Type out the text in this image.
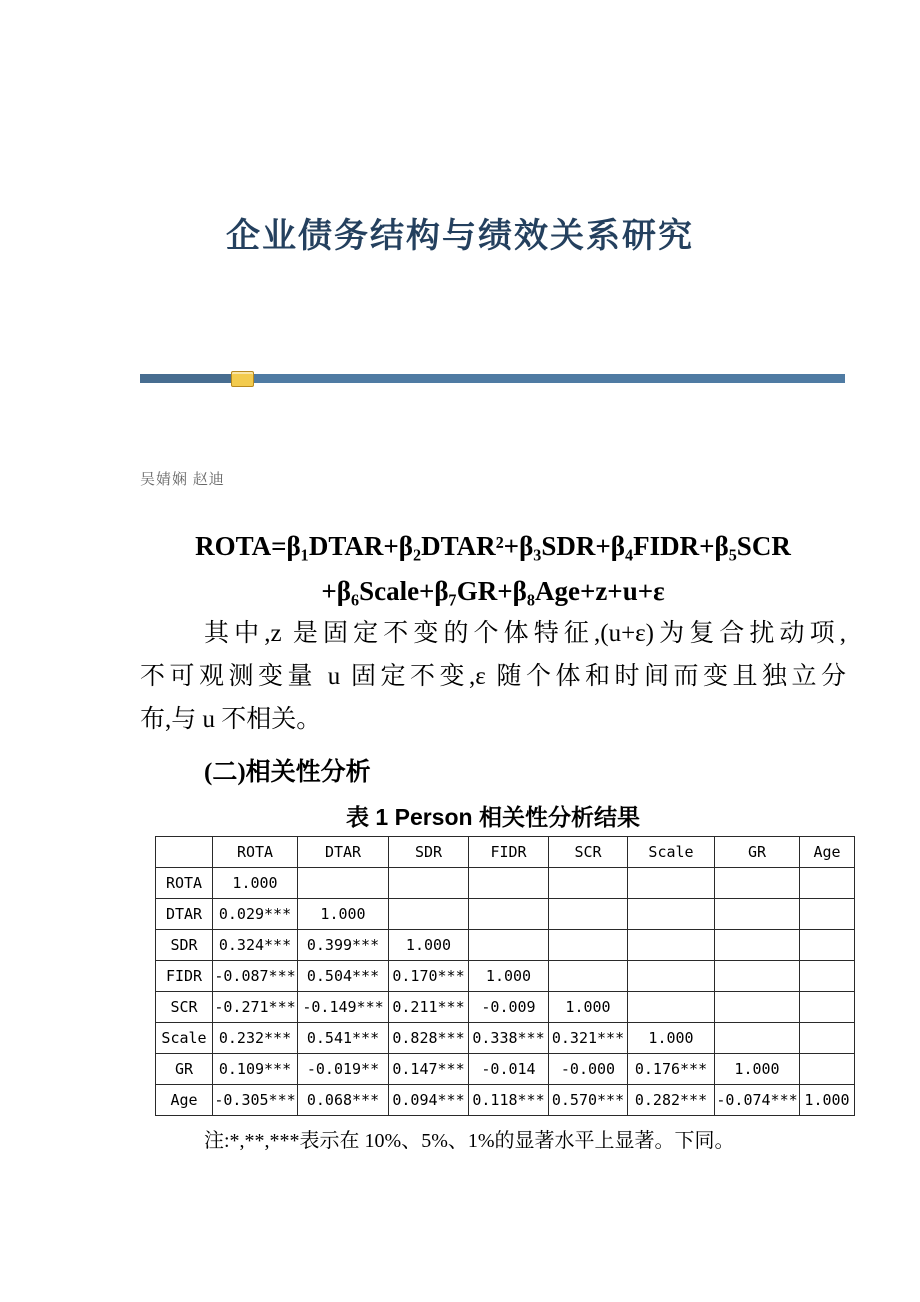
企业债务结构与绩效关系研究
吴婧娴 赵迪
ROTA=β₁DTAR+β₂DTAR²+β₃SDR+β₄FIDR+β₅SCR
+β₆Scale+β₇GR+β₈Age+z+u+ε
其中,z 是固定不变的个体特征,(u+ε)为复合扰动项,
不可观测变量 u 固定不变,ε 随个体和时间而变且独立分
布,与 u 不相关。
(二)相关性分析
表 1 Person 相关性分析结果
	ROTA	DTAR	SDR	FIDR	SCR	Scale	GR	Age
ROTA	1.000							
DTAR	0.029***	1.000						
SDR	0.324***	0.399***	1.000					
FIDR	-0.087***	0.504***	0.170***	1.000				
SCR	-0.271***	-0.149***	0.211***	-0.009	1.000			
Scale	0.232***	0.541***	0.828***	0.338***	0.321***	1.000		
GR	0.109***	-0.019**	0.147***	-0.014	-0.000	0.176***	1.000	
Age	-0.305***	0.068***	0.094***	0.118***	0.570***	0.282***	-0.074***	1.000
注:*,**,***表示在 10%、5%、1%的显著水平上显著。下同。
